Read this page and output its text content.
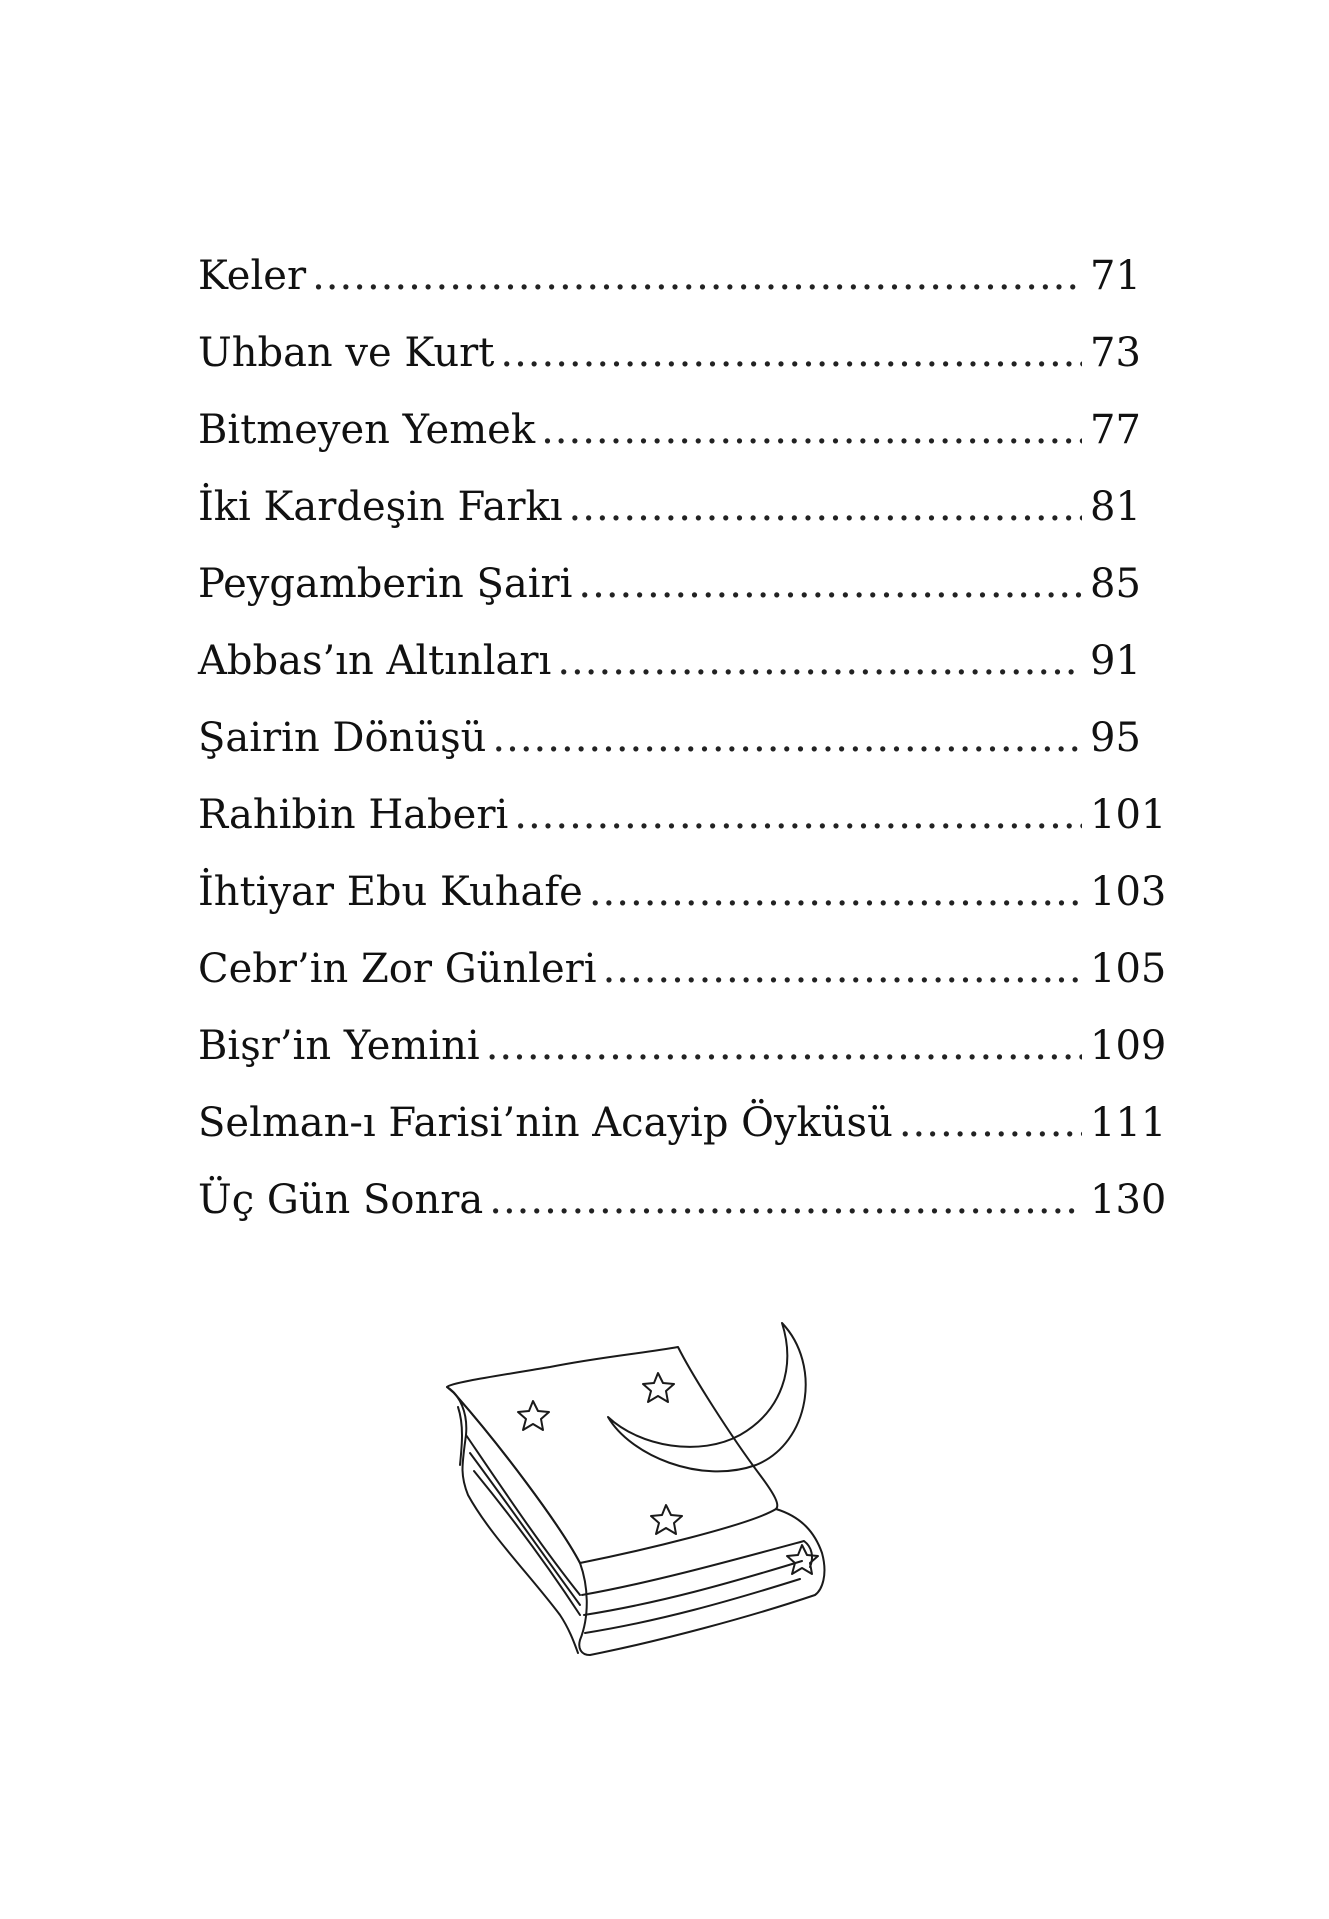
Keler .....	71
Uhban ve Kurt .....	73
Bitmeyen Yemek .....	77
İki Kardeşin Farkı .....	81
Peygamberin Şairi .....	85
Abbas’ın Altınları .....	91
Şairin Dönüşü .....	95
Rahibin Haberi .....	101
İhtiyar Ebu Kuhafe .....	103
Cebr’in Zor Günleri .....	105
Bişr’in Yemini .....	109
Selman-ı Farisi’nin Acayip Öyküsü .....	111
Üç Gün Sonra .....	130
